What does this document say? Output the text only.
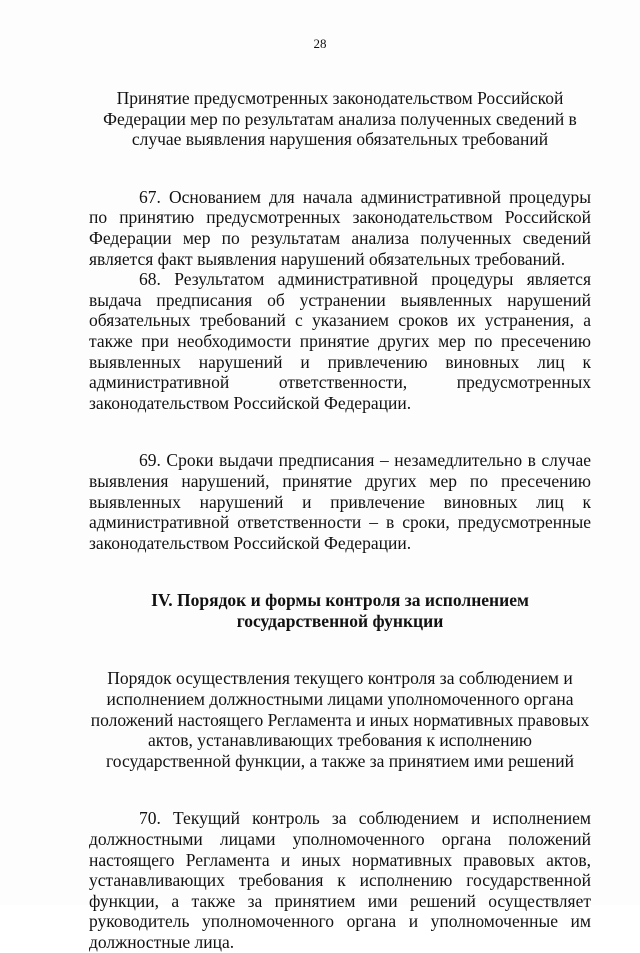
28

Принятие предусмотренных законодательством Российской Федерации мер по результатам анализа полученных сведений в случае выявления нарушения обязательных требований

67. Основанием для начала административной процедуры по принятию предусмотренных законодательством Российской Федерации мер по результатам анализа полученных сведений является факт выявления нарушений обязательных требований.

68. Результатом административной процедуры является выдача предписания об устранении выявленных нарушений обязательных требований с указанием сроков их устранения, а также при необходимости принятие других мер по пресечению выявленных нарушений и привлечению виновных лиц к административной ответственности, предусмотренных законодательством Российской Федерации.

69. Сроки выдачи предписания – незамедлительно в случае выявления нарушений, принятие других мер по пресечению выявленных нарушений и привлечение виновных лиц к административной ответственности – в сроки, предусмотренные законодательством Российской Федерации.

IV. Порядок и формы контроля за исполнением государственной функции

Порядок осуществления текущего контроля за соблюдением и исполнением должностными лицами уполномоченного органа положений настоящего Регламента и иных нормативных правовых актов, устанавливающих требования к исполнению государственной функции, а также за принятием ими решений

70. Текущий контроль за соблюдением и исполнением должностными лицами уполномоченного органа положений настоящего Регламента и иных нормативных правовых актов, устанавливающих требования к исполнению государственной функции, а также за принятием ими решений осуществляет руководитель уполномоченного органа и уполномоченные им должностные лица.
